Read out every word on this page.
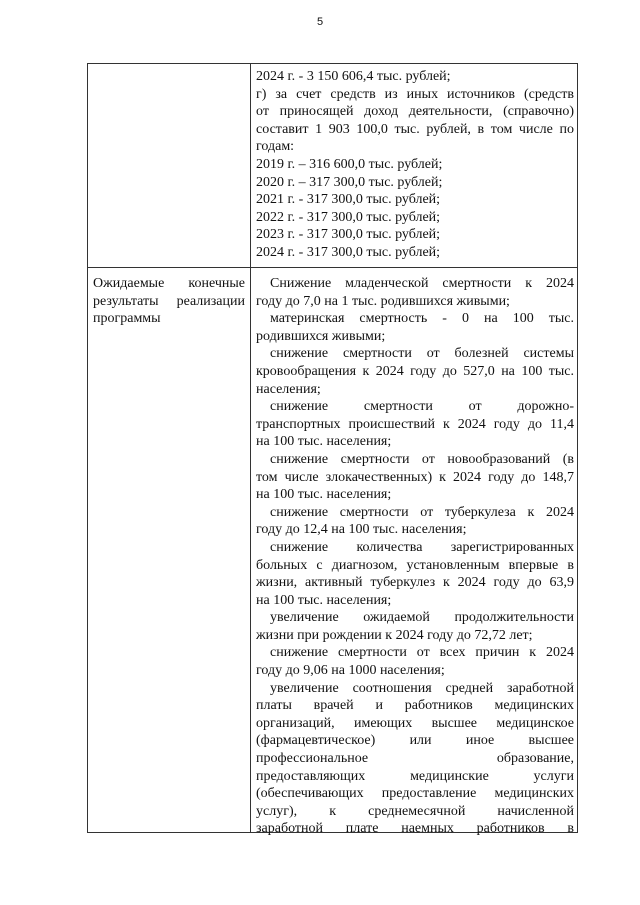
5
2024 г. - 3 150 606,4 тыс. рублей;
г) за счет средств из иных источников (средств
от приносящей доход деятельности, (справочно)
составит 1 903 100,0 тыс. рублей, в том числе по
годам:
2019 г. – 316 600,0 тыс. рублей;
2020 г. – 317 300,0 тыс. рублей;
2021 г. - 317 300,0 тыс. рублей;
2022 г. - 317 300,0 тыс. рублей;
2023 г. - 317 300,0 тыс. рублей;
2024 г. - 317 300,0 тыс. рублей;
Ожидаемые конечные
результаты реализации
программы
Снижение младенческой смертности к 2024
году до 7,0 на 1 тыс. родившихся живыми;
материнская смертность - 0 на 100 тыс.
родившихся живыми;
снижение смертности от болезней системы
кровообращения к 2024 году до 527,0 на 100 тыс.
населения;
снижение смертности от дорожно-
транспортных происшествий к 2024 году до 11,4
на 100 тыс. населения;
снижение смертности от новообразований (в
том числе злокачественных) к 2024 году до 148,7
на 100 тыс. населения;
снижение смертности от туберкулеза к 2024
году до 12,4 на 100 тыс. населения;
снижение количества зарегистрированных
больных с диагнозом, установленным впервые в
жизни, активный туберкулез к 2024 году до 63,9
на 100 тыс. населения;
увеличение ожидаемой продолжительности
жизни при рождении к 2024 году до 72,72 лет;
снижение смертности от всех причин к 2024
году до 9,06 на 1000 населения;
увеличение соотношения средней заработной
платы врачей и работников медицинских
организаций, имеющих высшее медицинское
(фармацевтическое) или иное высшее
профессиональное образование,
предоставляющих медицинские услуги
(обеспечивающих предоставление медицинских
услуг), к среднемесячной начисленной
заработной плате наемных работников в
